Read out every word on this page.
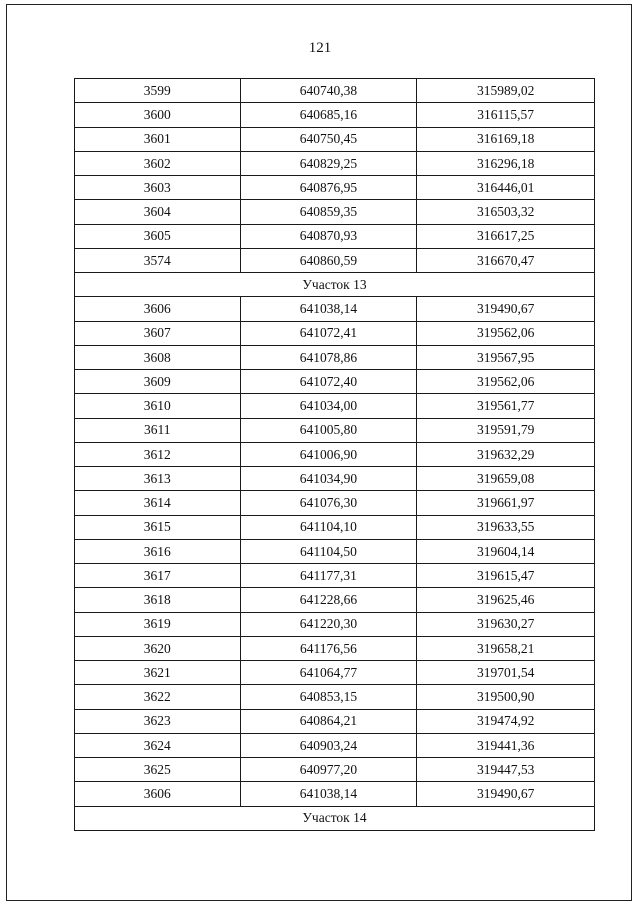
121
3599	640740,38	315989,02
3600	640685,16	316115,57
3601	640750,45	316169,18
3602	640829,25	316296,18
3603	640876,95	316446,01
3604	640859,35	316503,32
3605	640870,93	316617,25
3574	640860,59	316670,47
Участок 13		
3606	641038,14	319490,67
3607	641072,41	319562,06
3608	641078,86	319567,95
3609	641072,40	319562,06
3610	641034,00	319561,77
3611	641005,80	319591,79
3612	641006,90	319632,29
3613	641034,90	319659,08
3614	641076,30	319661,97
3615	641104,10	319633,55
3616	641104,50	319604,14
3617	641177,31	319615,47
3618	641228,66	319625,46
3619	641220,30	319630,27
3620	641176,56	319658,21
3621	641064,77	319701,54
3622	640853,15	319500,90
3623	640864,21	319474,92
3624	640903,24	319441,36
3625	640977,20	319447,53
3606	641038,14	319490,67
Участок 14		
